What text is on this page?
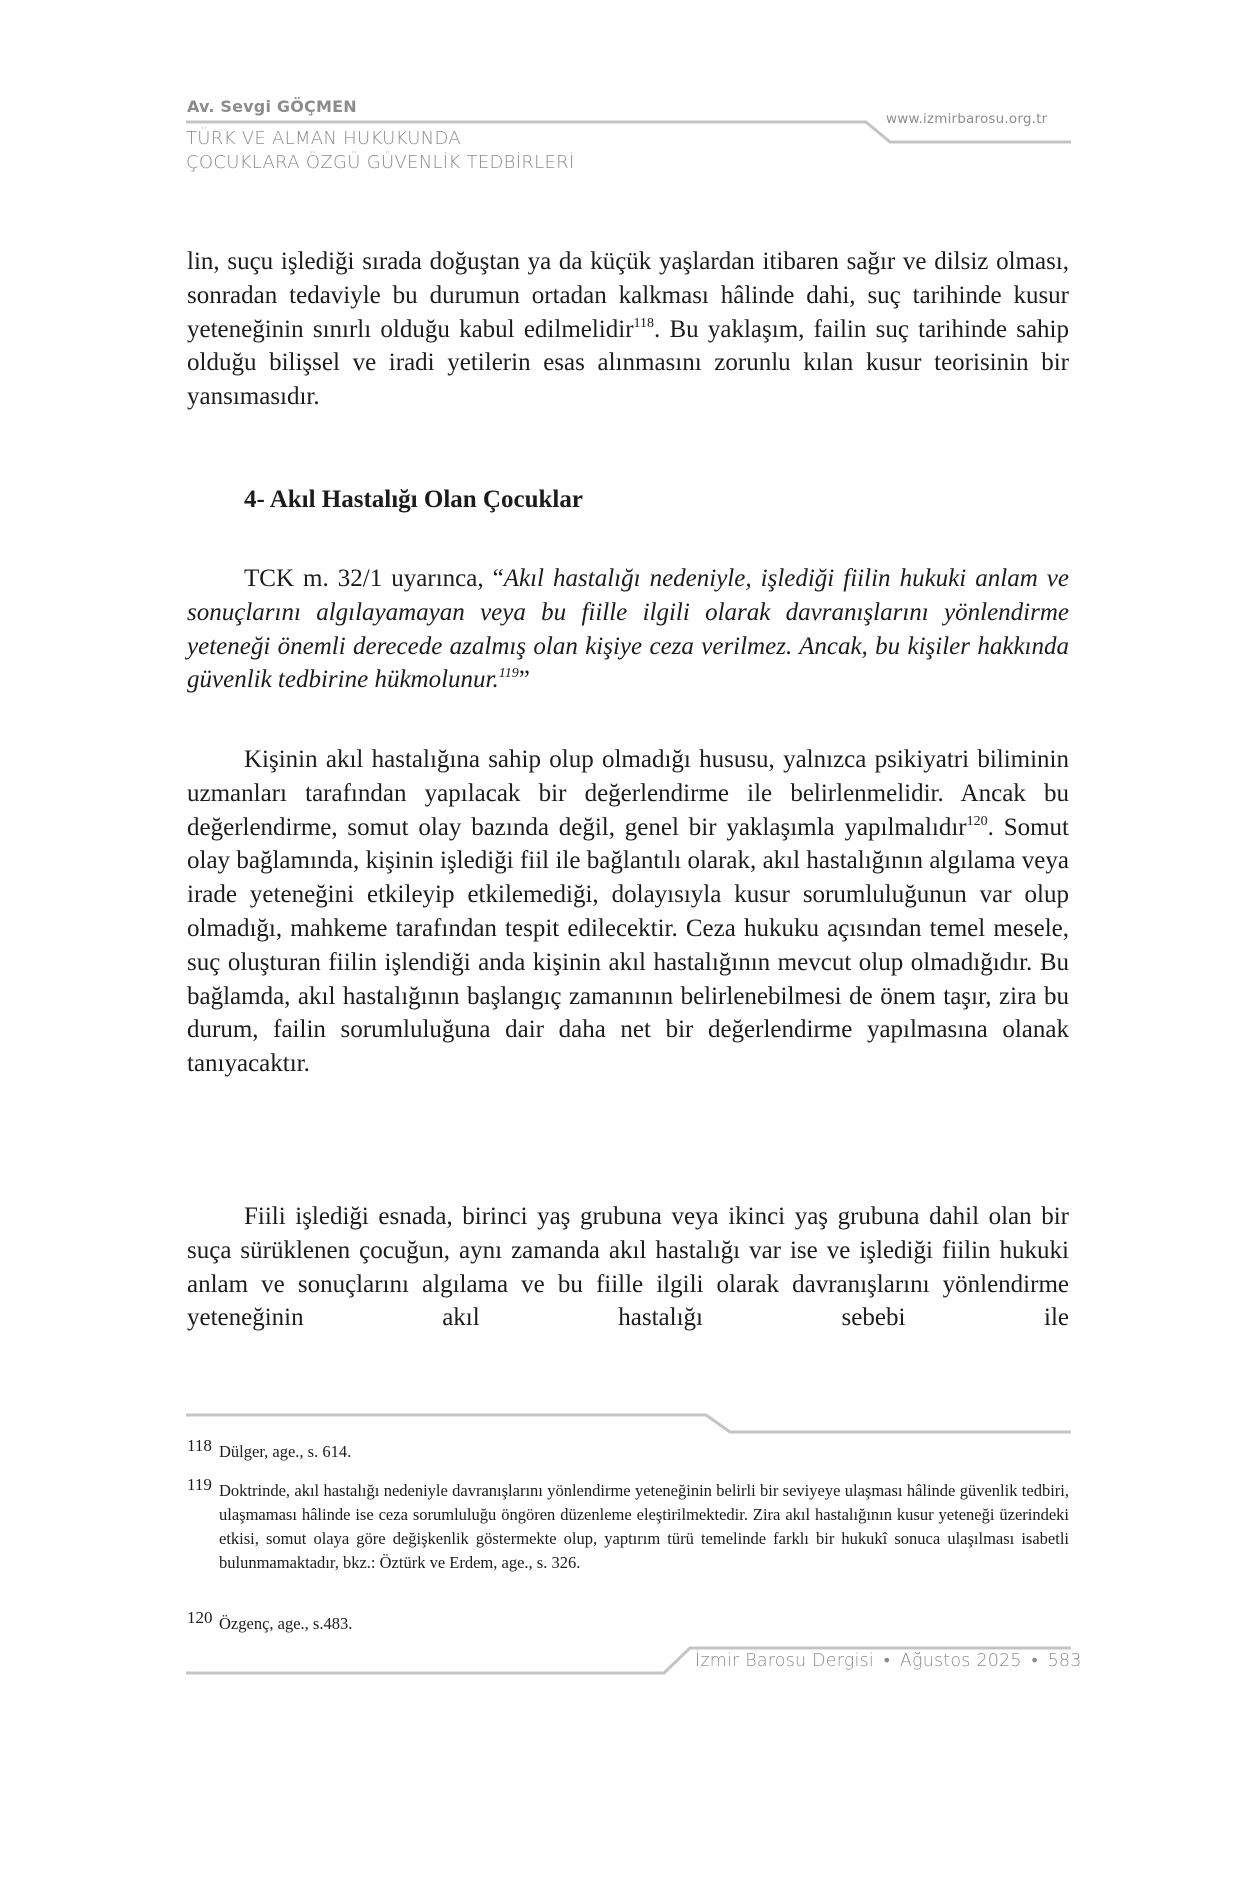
Av. Sevgi GÖÇMEN
TÜRK VE ALMAN HUKUKUNDA
ÇOCUKLARA ÖZGÜ GÜVENLİK TEDBİRLERİ
www.izmirbarosu.org.tr

lin, suçu işlediği sırada doğuştan ya da küçük yaşlardan itibaren sağır ve dilsiz olması, sonradan tedaviyle bu durumun ortadan kalkması hâlinde dahi, suç tarihinde kusur yeteneğinin sınırlı olduğu kabul edilmelidir$^{118}$. Bu yaklaşım, failin suç tarihinde sahip olduğu bilişsel ve iradi yetilerin esas alınmasını zorunlu kılan kusur teorisinin bir yansımasıdır.

4- Akıl Hastalığı Olan Çocuklar

TCK m. 32/1 uyarınca, “Akıl hastalığı nedeniyle, işlediği fiilin hukuki anlam ve sonuçlarını algılayamayan veya bu fiille ilgili olarak davranışlarını yönlendirme yeteneği önemli derecede azalmış olan kişiye ceza verilmez. Ancak, bu kişiler hakkında güvenlik tedbirine hükmolunur.$^{119}$”

Kişinin akıl hastalığına sahip olup olmadığı hususu, yalnızca psikiyatri biliminin uzmanları tarafından yapılacak bir değerlendirme ile belirlenmelidir. Ancak bu değerlendirme, somut olay bazında değil, genel bir yaklaşımla yapılmalıdır$^{120}$. Somut olay bağlamında, kişinin işlediği fiil ile bağlantılı olarak, akıl hastalığının algılama veya irade yeteneğini etkileyip etkilemediği, dolayısıyla kusur sorumluluğunun var olup olmadığı, mahkeme tarafından tespit edilecektir. Ceza hukuku açısından temel mesele, suç oluşturan fiilin işlendiği anda kişinin akıl hastalığının mevcut olup olmadığıdır. Bu bağlamda, akıl hastalığının başlangıç zamanının belirlenebilmesi de önem taşır, zira bu durum, failin sorumluluğuna dair daha net bir değerlendirme yapılmasına olanak tanıyacaktır.

Fiili işlediği esnada, birinci yaş grubuna veya ikinci yaş grubuna dahil olan bir suça sürüklenen çocuğun, aynı zamanda akıl hastalığı var ise ve işlediği fiilin hukuki anlam ve sonuçlarını algılama ve bu fiille ilgili olarak davranışlarını yönlendirme yeteneğinin akıl hastalığı sebebi ile

118 Dülger, age., s. 614.
119 Doktrinde, akıl hastalığı nedeniyle davranışlarını yönlendirme yeteneğinin belirli bir seviyeye ulaşması hâlinde güvenlik tedbiri, ulaşmaması hâlinde ise ceza sorumluluğu öngören düzenleme eleştirilmektedir. Zira akıl hastalığının kusur yeteneği üzerindeki etkisi, somut olaya göre değişkenlik göstermekte olup, yaptırım türü temelinde farklı bir hukukî sonuca ulaşılması isabetli bulunmamaktadır, bkz.: Öztürk ve Erdem, age., s. 326.
120 Özgenç, age., s.483.
İzmir Barosu Dergisi • Ağustos 2025 • 583
